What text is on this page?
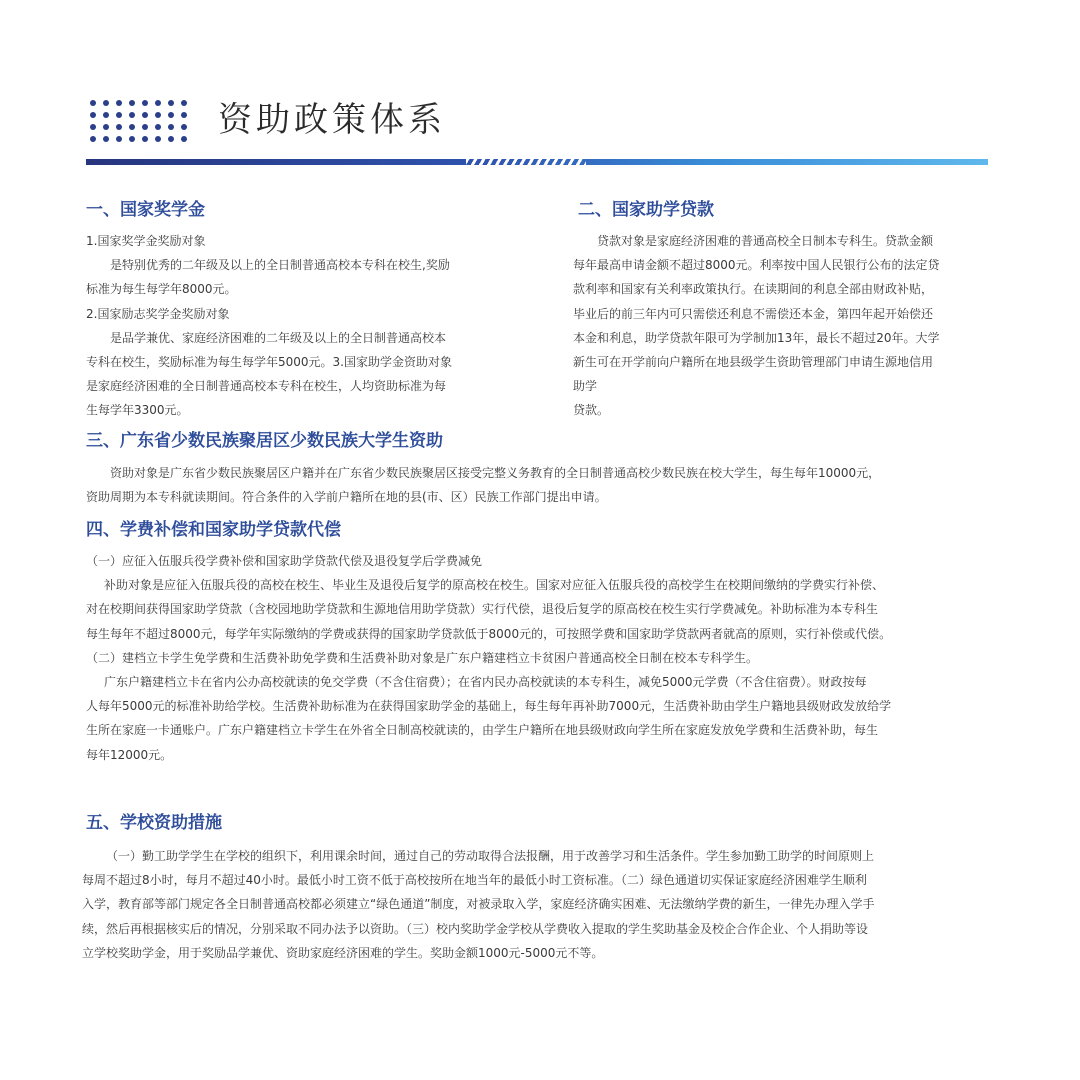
资助政策体系
一、国家奖学金
1.国家奖学金奖励对象
是特别优秀的二年级及以上的全日制普通高校本专科在校生,奖励
标准为每生每学年8000元。
2.国家励志奖学金奖励对象
是品学兼优、家庭经济困难的二年级及以上的全日制普通高校本
专科在校生，奖励标准为每生每学年5000元。3.国家助学金资助对象
是家庭经济困难的全日制普通高校本专科在校生，人均资助标准为每
生每学年3300元。
二、国家助学贷款
贷款对象是家庭经济困难的普通高校全日制本专科生。贷款金额
每年最高申请金额不超过8000元。利率按中国人民银行公布的法定贷
款利率和国家有关利率政策执行。在读期间的利息全部由财政补贴，
毕业后的前三年内可只需偿还利息不需偿还本金，第四年起开始偿还
本金和利息，助学贷款年限可为学制加13年，最长不超过20年。大学
新生可在开学前向户籍所在地县级学生资助管理部门申请生源地信用
助学
贷款。
三、广东省少数民族聚居区少数民族大学生资助
资助对象是广东省少数民族聚居区户籍并在广东省少数民族聚居区接受完整义务教育的全日制普通高校少数民族在校大学生，每生每年10000元，
资助周期为本专科就读期间。符合条件的入学前户籍所在地的县(市、区）民族工作部门提出申请。
四、学费补偿和国家助学贷款代偿
（一）应征入伍服兵役学费补偿和国家助学贷款代偿及退役复学后学费减免
补助对象是应征入伍服兵役的高校在校生、毕业生及退役后复学的原高校在校生。国家对应征入伍服兵役的高校学生在校期间缴纳的学费实行补偿、
对在校期间获得国家助学贷款（含校园地助学贷款和生源地信用助学贷款）实行代偿，退役后复学的原高校在校生实行学费减免。补助标准为本专科生
每生每年不超过8000元，每学年实际缴纳的学费或获得的国家助学贷款低于8000元的，可按照学费和国家助学贷款两者就高的原则，实行补偿或代偿。
（二）建档立卡学生免学费和生活费补助免学费和生活费补助对象是广东户籍建档立卡贫困户普通高校全日制在校本专科学生。
广东户籍建档立卡在省内公办高校就读的免交学费（不含住宿费）；在省内民办高校就读的本专科生，减免5000元学费（不含住宿费）。财政按每
人每年5000元的标准补助给学校。生活费补助标准为在获得国家助学金的基础上，每生每年再补助7000元，生活费补助由学生户籍地县级财政发放给学
生所在家庭一卡通账户。广东户籍建档立卡学生在外省全日制高校就读的，由学生户籍所在地县级财政向学生所在家庭发放免学费和生活费补助，每生
每年12000元。
五、学校资助措施
（一）勤工助学学生在学校的组织下，利用课余时间，通过自己的劳动取得合法报酬，用于改善学习和生活条件。学生参加勤工助学的时间原则上
每周不超过8小时，每月不超过40小时。最低小时工资不低于高校按所在地当年的最低小时工资标准。（二）绿色通道切实保证家庭经济困难学生顺利
入学，教育部等部门规定各全日制普通高校都必须建立“绿色通道”制度，对被录取入学，家庭经济确实困难、无法缴纳学费的新生，一律先办理入学手
续，然后再根据核实后的情况，分别采取不同办法予以资助。（三）校内奖助学金学校从学费收入提取的学生奖助基金及校企合作企业、个人捐助等设
立学校奖助学金，用于奖励品学兼优、资助家庭经济困难的学生。奖助金额1000元-5000元不等。
